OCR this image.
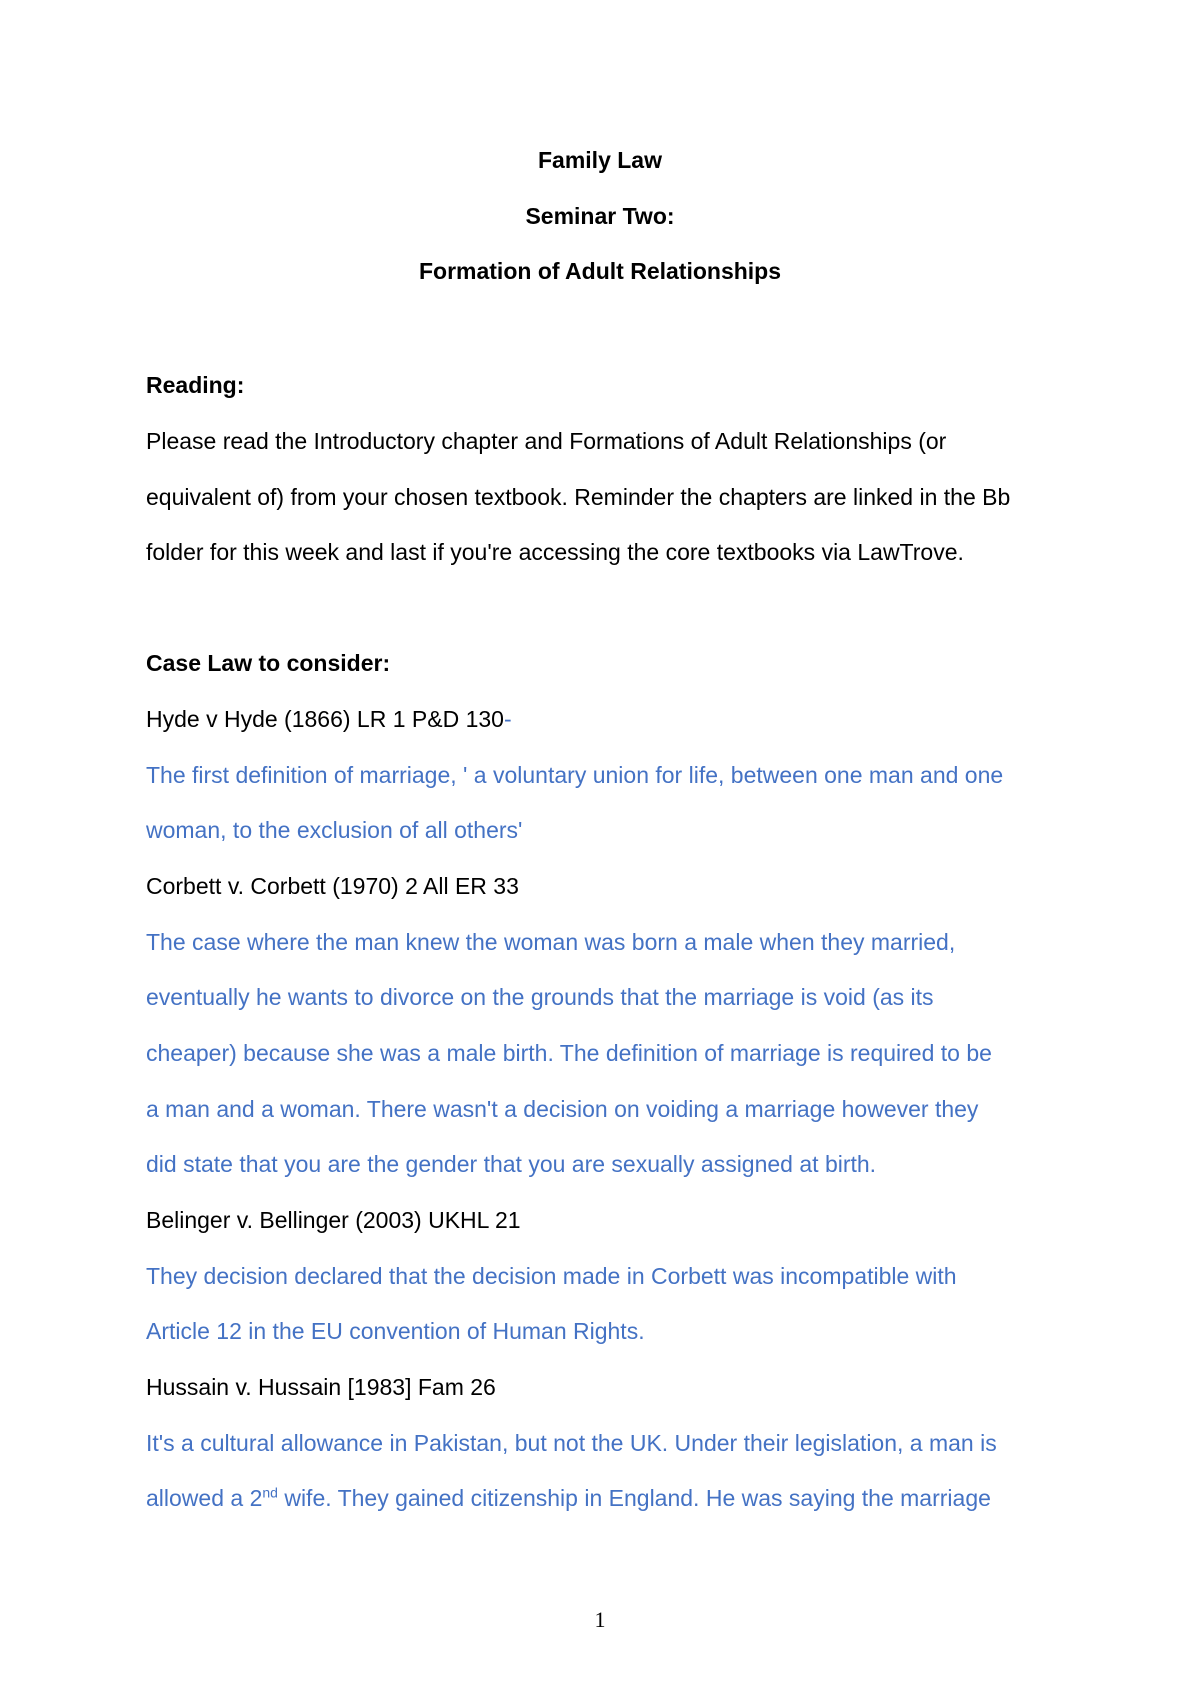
Family Law
Seminar Two:
Formation of Adult Relationships
Reading:
Please read the Introductory chapter and Formations of Adult Relationships (or
equivalent of) from your chosen textbook. Reminder the chapters are linked in the Bb
folder for this week and last if you're accessing the core textbooks via LawTrove.
Case Law to consider:
Hyde v Hyde (1866) LR 1 P&D 130-
The first definition of marriage, ' a voluntary union for life, between one man and one
woman, to the exclusion of all others'
Corbett v. Corbett (1970) 2 All ER 33
The case where the man knew the woman was born a male when they married,
eventually he wants to divorce on the grounds that the marriage is void (as its
cheaper) because she was a male birth. The definition of marriage is required to be
a man and a woman. There wasn't a decision on voiding a marriage however they
did state that you are the gender that you are sexually assigned at birth.
Belinger v. Bellinger (2003) UKHL 21
They decision declared that the decision made in Corbett was incompatible with
Article 12 in the EU convention of Human Rights.
Hussain v. Hussain [1983] Fam 26
It's a cultural allowance in Pakistan, but not the UK. Under their legislation, a man is
allowed a 2nd wife. They gained citizenship in England. He was saying the marriage
1
